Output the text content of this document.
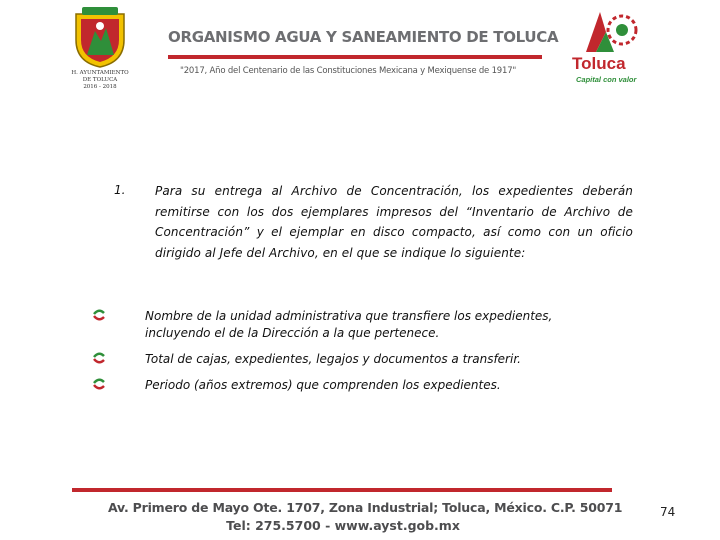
H. AYUNTAMIENTO
DE TOLUCA
2016 - 2018
ORGANISMO AGUA Y SANEAMIENTO DE TOLUCA
"2017, Año del Centenario de las Constituciones Mexicana y Mexiquense de 1917"	Toluca
Capital con valor
1. Para su entrega al Archivo de Concentración, los expedientes deberán remitirse con los dos ejemplares impresos del “Inventario de Archivo de Concentración” y el ejemplar en disco compacto, así como con un oficio dirigido al Jefe del Archivo, en el que se indique lo siguiente:
Nombre de la unidad administrativa que transfiere los expedientes, incluyendo el de la Dirección a la que pertenece.
Total de cajas, expedientes, legajos y documentos a transferir.
Periodo (años extremos) que comprenden los expedientes.
Av. Primero de Mayo Ote. 1707, Zona Industrial; Toluca, México. C.P. 50071
Tel: 275.5700 - www.ayst.gob.mx
74
